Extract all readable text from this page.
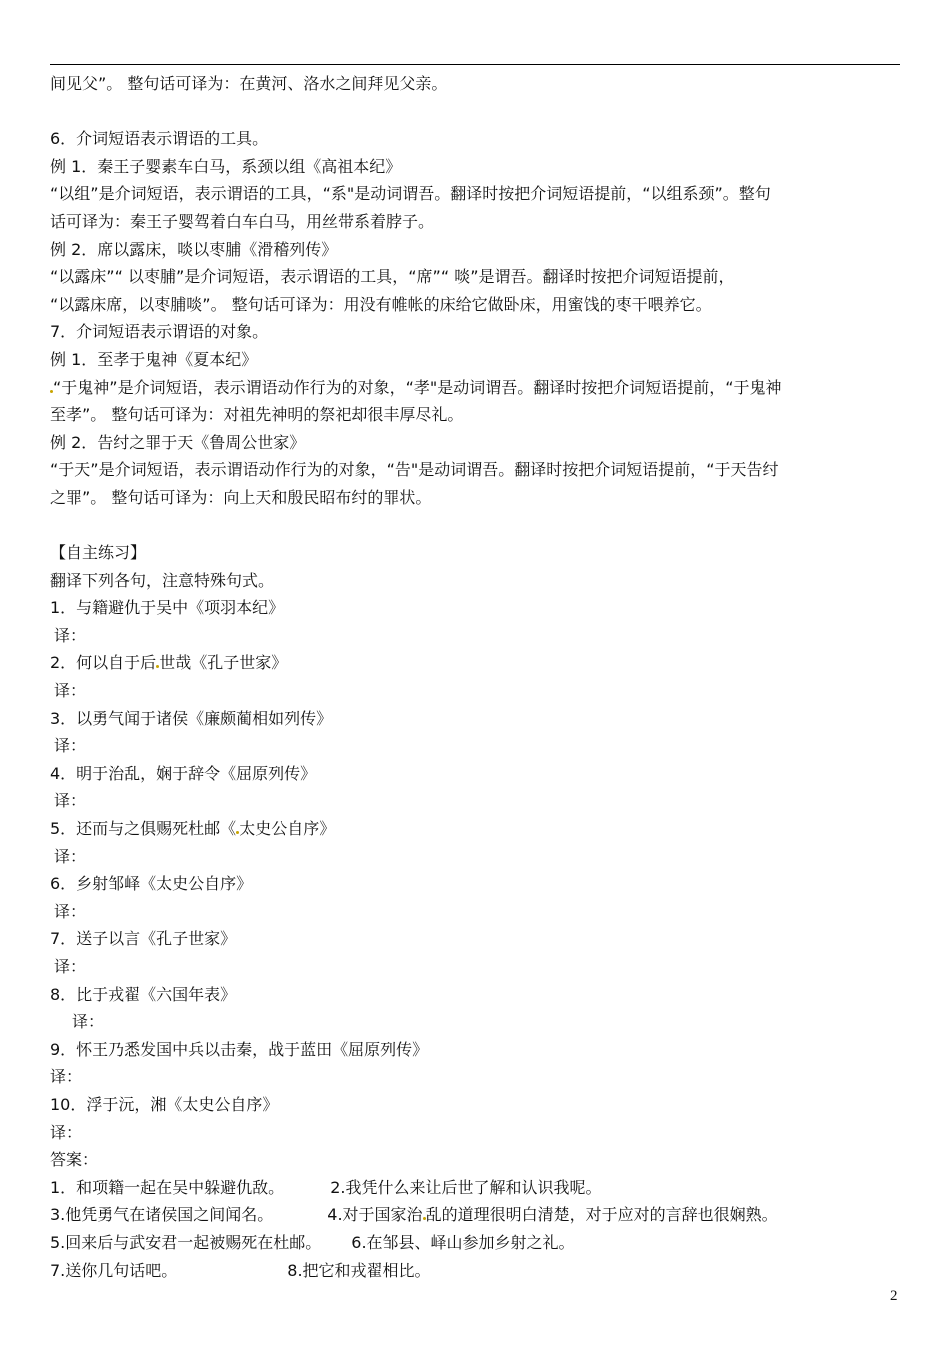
间见父”。 整句话可译为：在黄河、洛水之间拜见父亲。
6．介词短语表示谓语的工具。
例 1．秦王子婴素车白马，系颈以组《高祖本纪》
“以组”是介词短语，表示谓语的工具，“系"是动词谓吾。翻译时按把介词短语提前，“以组系颈”。整句
话可译为：秦王子婴驾着白车白马，用丝带系着脖子。
例 2．席以露床，啖以枣脯《滑稽列传》
“以露床”“ 以枣脯”是介词短语，表示谓语的工具，“席”“ 啖”是谓吾。翻译时按把介词短语提前，
“以露床席，以枣脯啖”。 整句话可译为：用没有帷帐的床给它做卧床，用蜜饯的枣干喂养它。
7．介词短语表示谓语的对象。
例 1．至孝于鬼神《夏本纪》
“于鬼神”是介词短语，表示谓语动作行为的对象，“孝"是动词谓吾。翻译时按把介词短语提前，“于鬼神
至孝”。 整句话可译为：对祖先神明的祭祀却很丰厚尽礼。
例 2．告纣之罪于天《鲁周公世家》
“于天”是介词短语，表示谓语动作行为的对象，“告"是动词谓吾。翻译时按把介词短语提前，“于天告纣
之罪”。 整句话可译为：向上天和殷民昭布纣的罪状。
【自主练习】
翻译下列各句，注意特殊句式。
1．与籍避仇于吴中《项羽本纪》
译：
2．何以自于后 世哉《孔子世家》
译：
3．以勇气闻于诸侯《廉颇蔺相如列传》
译：
4．明于治乱，娴于辞令《屈原列传》
译：
5．还而与之俱赐死杜邮《 太史公自序》
译：
6．乡射邹峄《太史公自序》
译：
7．送子以言《孔子世家》
译：
8．比于戎翟《六国年表》
译：
9．怀王乃悉发国中兵以击秦，战于蓝田《屈原列传》
译：
10．浮于沅，湘《太史公自序》
译：
答案：
1．和项籍一起在吴中躲避仇敌。	2.我凭什么来让后世了解和认识我呢。
3.他凭勇气在诸侯国之间闻名。	4.对于国家治 乱的道理很明白清楚，对于应对的言辞也很娴熟。
5.回来后与武安君一起被赐死在杜邮。 6.在邹县、峄山参加乡射之礼。
7.送你几句话吧。	8.把它和戎翟相比。
2
